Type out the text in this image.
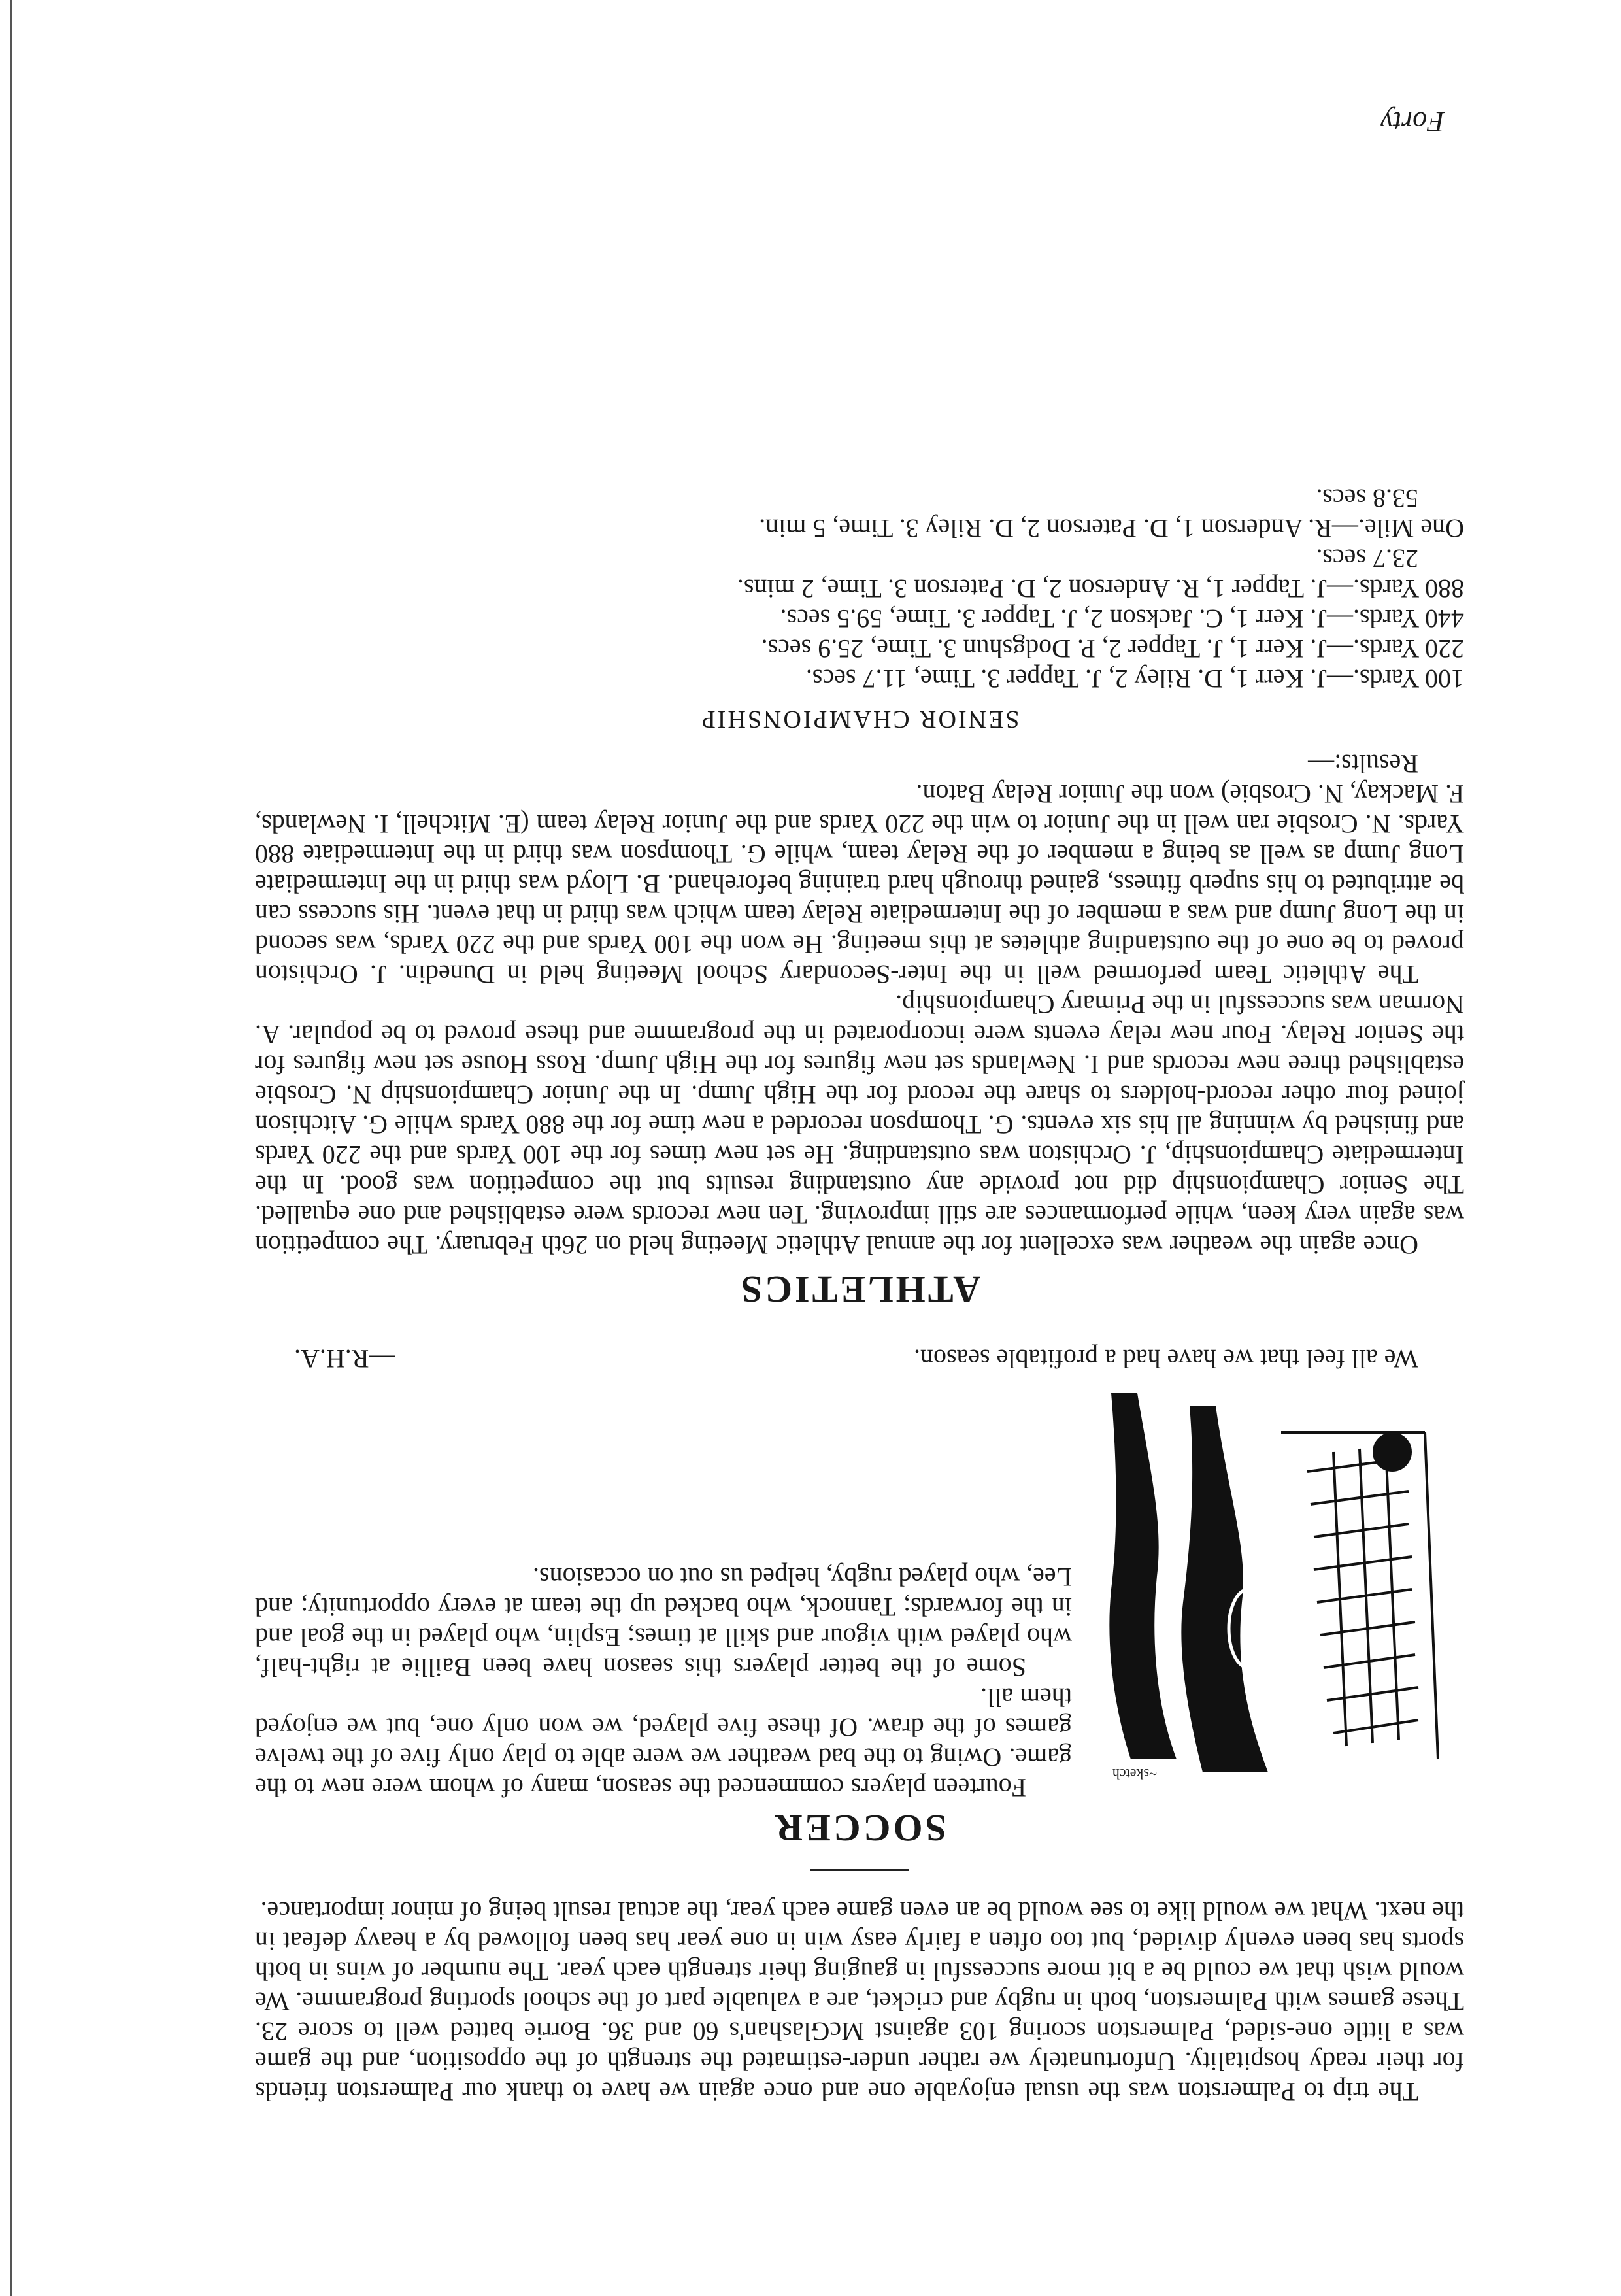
The trip to Palmerston was the usual enjoyable one and once again we have to thank our Palmerston friends for their ready hospitality. Unfortunately we rather under-estimated the strength of the opposition, and the game was a little one-sided, Palmerston scoring 103 against McGlashan's 60 and 36. Borrie batted well to score 23. These games with Palmerston, both in rugby and cricket, are a valuable part of the school sporting programme. We would wish that we could be a bit more successful in gauging their strength each year. The number of wins in both sports has been evenly divided, but too often a fairly easy win in one year has been followed by a heavy defeat in the next. What we would like to see would be an even game each year, the actual result being of minor importance.

SOCCER
~sketch

Fourteen players commenced the season, many of whom were new to the game. Owing to the bad weather we were able to play only five of the twelve games of the draw. Of these five played, we won only one, but we enjoyed them all.

Some of the better players this season have been Baillie at right-half, who played with vigour and skill at times; Esplin, who played in the goal and in the forwards; Tannock, who backed up the team at every opportunity; and Lee, who played rugby, helped us out on occasions.

We all feel that we have had a profitable season.
—R.H.A.
ATHLETICS

Once again the weather was excellent for the annual Athletic Meeting held on 26th February. The competition was again very keen, while performances are still improving. Ten new records were established and one equalled. The Senior Championship did not provide any outstanding results but the competition was good. In the Intermediate Championship, J. Orchiston was outstanding. He set new times for the 100 Yards and the 220 Yards and finished by winning all his six events. G. Thompson recorded a new time for the 880 Yards while G. Aitchison joined four other record-holders to share the record for the High Jump. In the Junior Championship N. Crosbie established three new records and I. Newlands set new figures for the High Jump. Ross House set new figures for the Senior Relay. Four new relay events were incorporated in the programme and these proved to be popular. A. Norman was successful in the Primary Championship.

The Athletic Team performed well in the Inter-Secondary School Meeting held in Dunedin. J. Orchiston proved to be one of the outstanding athletes at this meeting. He won the 100 Yards and the 220 Yards, was second in the Long Jump and was a member of the Intermediate Relay team which was third in that event. His success can be attributed to his superb fitness, gained through hard training beforehand. B. Lloyd was third in the Intermediate Long Jump as well as being a member of the Relay team, while G. Thompson was third in the Intermediate 880 Yards. N. Crosbie ran well in the Junior to win the 220 Yards and the Junior Relay team (E. Mitchell, I. Newlands, F. Mackay, N. Crosbie) won the Junior Relay Baton.

Results:—

SENIOR CHAMPIONSHIP

100 Yards.—J. Kerr 1, D. Riley 2, J. Tapper 3. Time, 11.7 secs.

220 Yards.—J. Kerr 1, J. Tapper 2, P. Dodgshun 3. Time, 25.9 secs.

440 Yards.—J. Kerr 1, C. Jackson 2, J. Tapper 3. Time, 59.5 secs.

880 Yards.—J. Tapper 1, R. Anderson 2, D. Paterson 3. Time, 2 mins.

23.7 secs.

One Mile.—R. Anderson 1, D. Paterson 2, D. Riley 3. Time, 5 min.

53.8 secs.

Forty
